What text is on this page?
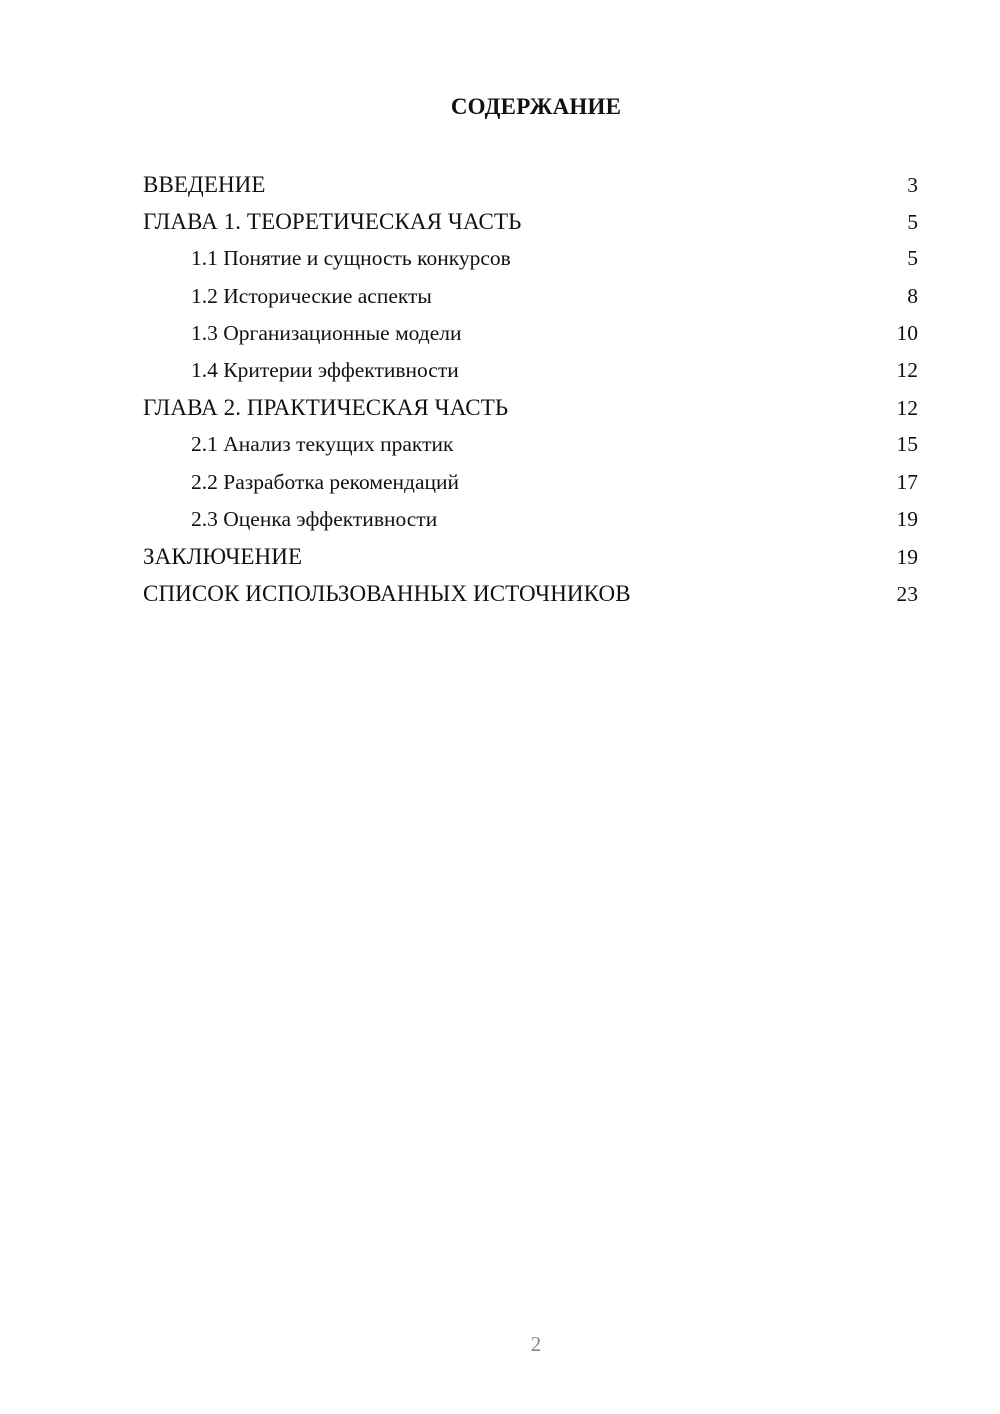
СОДЕРЖАНИЕ
ВВЕДЕНИЕ	3
ГЛАВА 1. ТЕОРЕТИЧЕСКАЯ ЧАСТЬ	5
1.1 Понятие и сущность конкурсов	5
1.2 Исторические аспекты	8
1.3 Организационные модели	10
1.4 Критерии эффективности	12
ГЛАВА 2. ПРАКТИЧЕСКАЯ ЧАСТЬ	12
2.1 Анализ текущих практик	15
2.2 Разработка рекомендаций	17
2.3 Оценка эффективности	19
ЗАКЛЮЧЕНИЕ	19
СПИСОК ИСПОЛЬЗОВАННЫХ ИСТОЧНИКОВ	23
2
